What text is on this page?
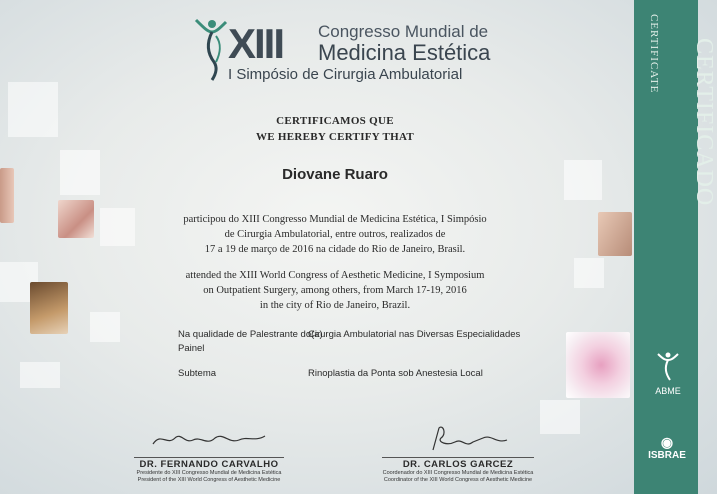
XIII Congresso Mundial de
Medicina Estética
I Simpósio de Cirurgia Ambulatorial
CERTIFICAMOS QUE
WE HEREBY CERTIFY THAT
Diovane Ruaro
participou do XIII Congresso Mundial de Medicina Estética, I Simpósio
de Cirurgia Ambulatorial, entre outros, realizados de
17 a 19 de março de 2016 na cidade do Rio de Janeiro, Brasil.
attended the XIII World Congress of Aesthetic Medicine, I Symposium
on Outpatient Surgery, among others, from March 17-19, 2016
in the city of Rio de Janeiro, Brazil.
Na qualidade de Palestrante do(a)
Painel
Cirurgia Ambulatorial nas Diversas Especialidades
Subtema	Rinoplastia da Ponta sob Anestesia Local
DR. FERNANDO CARVALHO
Presidente do XIII Congresso Mundial de Medicina Estética
President of the XIII World Congress of Aesthetic Medicine
DR. CARLOS GARCEZ
Coordenador do XIII Congresso Mundial de Medicina Estética
Coordinator of the XIII World Congress of Aesthetic Medicine
CERTIFICADO
CERTIFICATE
ABME
◉
ISBRAE
